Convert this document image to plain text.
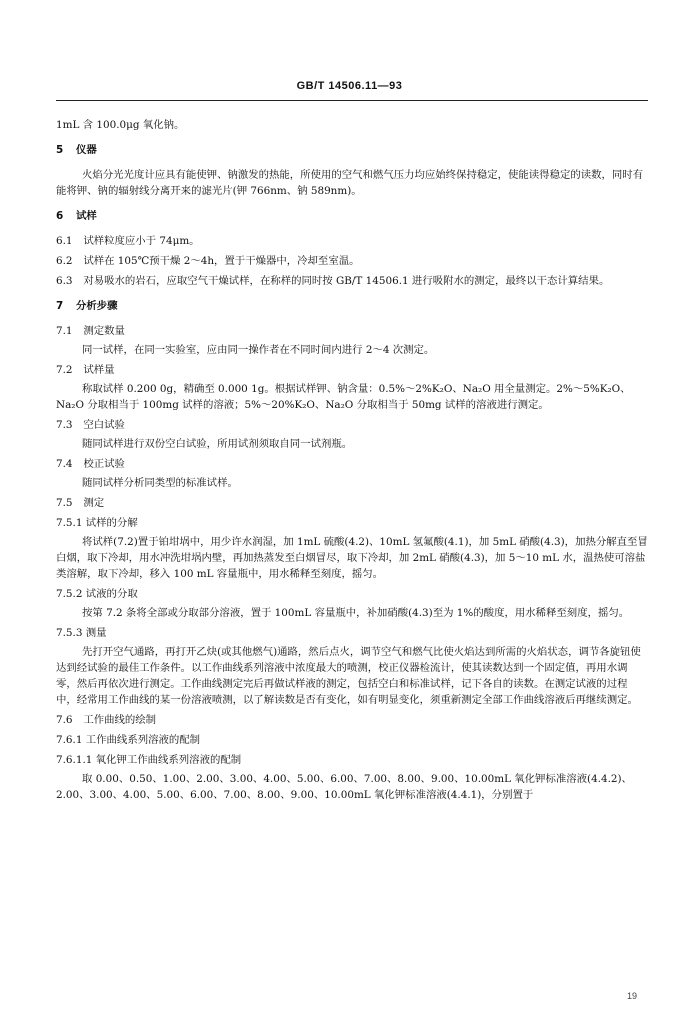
GB/T 14506.11—93

1mL 含 100.0μg 氧化钠。

5 仪器

火焰分光光度计应具有能使钾、钠激发的热能，所使用的空气和燃气压力均应始终保持稳定，使能读得稳定的读数，同时有能将钾、钠的辐射线分离开来的滤光片(钾 766nm、钠 589nm)。

6 试样
6.1 试样粒度应小于 74μm。
6.2 试样在 105℃预干燥 2～4h，置于干燥器中，冷却至室温。
6.3 对易吸水的岩石，应取空气干燥试样，在称样的同时按 GB/T 14506.1 进行吸附水的测定，最终以干态计算结果。
7 分析步骤
7.1 测定数量

同一试样，在同一实验室，应由同一操作者在不同时间内进行 2～4 次测定。

7.2 试样量

称取试样 0.200 0g，精确至 0.000 1g。根据试样钾、钠含量：0.5%～2%K₂O、Na₂O 用全量测定。2%～5%K₂O、Na₂O 分取相当于 100mg 试样的溶液；5%～20%K₂O、Na₂O 分取相当于 50mg 试样的溶液进行测定。

7.3 空白试验

随同试样进行双份空白试验，所用试剂须取自同一试剂瓶。

7.4 校正试验

随同试样分析同类型的标准试样。

7.5 测定
7.5.1 试样的分解

将试样(7.2)置于铂坩埚中，用少许水润湿，加 1mL 硫酸(4.2)、10mL 氢氟酸(4.1)，加 5mL 硝酸(4.3)，加热分解直至冒白烟，取下冷却，用水冲洗坩埚内壁，再加热蒸发至白烟冒尽，取下冷却，加 2mL 硝酸(4.3)，加 5～10 mL 水，温热使可溶盐类溶解，取下冷却，移入 100 mL 容量瓶中，用水稀释至刻度，摇匀。

7.5.2 试液的分取

按第 7.2 条将全部或分取部分溶液，置于 100mL 容量瓶中，补加硝酸(4.3)至为 1%的酸度，用水稀释至刻度，摇匀。

7.5.3 测量

先打开空气通路，再打开乙炔(或其他燃气)通路，然后点火，调节空气和燃气比使火焰达到所需的火焰状态，调节各旋钮使达到经试验的最佳工作条件。以工作曲线系列溶液中浓度最大的喷测，校正仪器检流计，使其读数达到一个固定值，再用水调零，然后再依次进行测定。工作曲线测定完后再做试样液的测定，包括空白和标准试样，记下各自的读数。在测定试液的过程中，经常用工作曲线的某一份溶液喷测，以了解读数是否有变化，如有明显变化，须重新测定全部工作曲线溶液后再继续测定。

7.6 工作曲线的绘制
7.6.1 工作曲线系列溶液的配制
7.6.1.1 氧化钾工作曲线系列溶液的配制

取 0.00、0.50、1.00、2.00、3.00、4.00、5.00、6.00、7.00、8.00、9.00、10.00mL 氧化钾标准溶液(4.4.2)、2.00、3.00、4.00、5.00、6.00、7.00、8.00、9.00、10.00mL 氧化钾标准溶液(4.4.1)，分别置于

19
